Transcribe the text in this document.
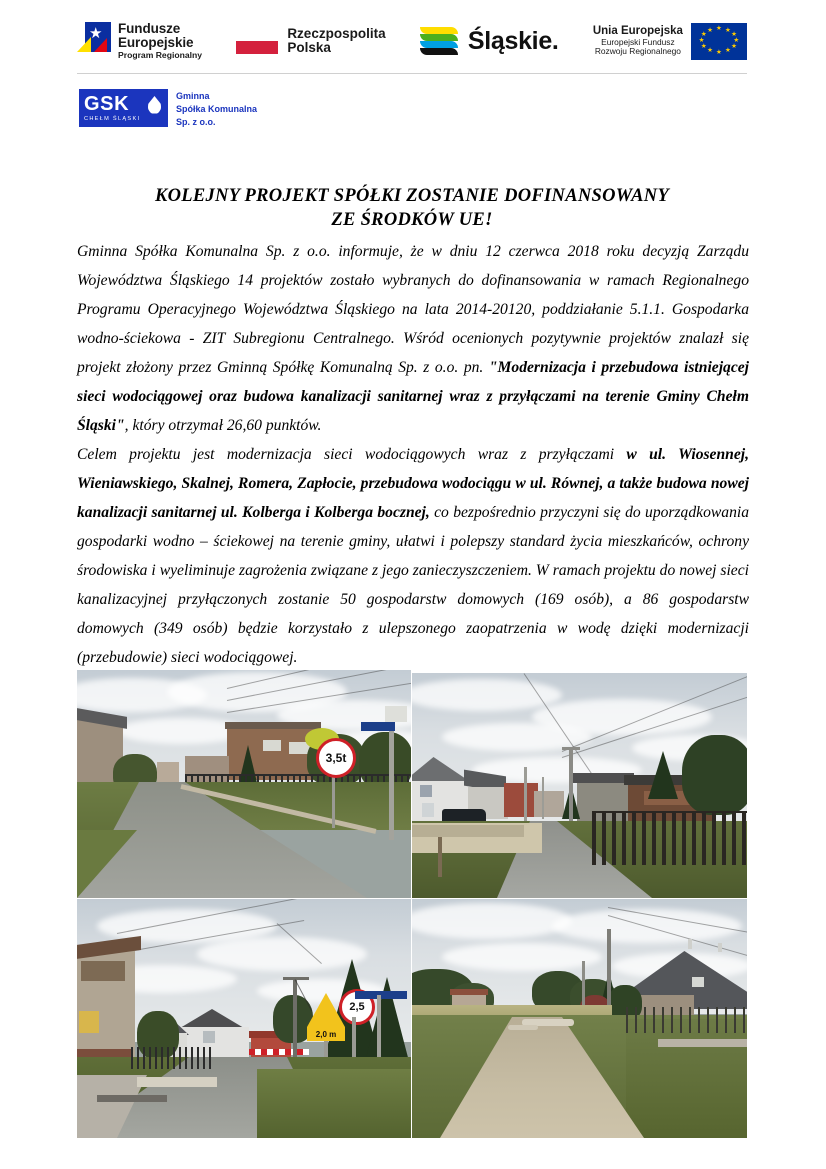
★ Fundusze
Europejskie
Program Regionalny
Rzeczpospolita
Polska	Śląskie.	Unia Europejska
Europejski Fundusz
Rozwoju Regionalnego
★ ★
★
★
★
★
★
★
★
★
★
★
GSK
CHEŁM ŚLĄSKI
Gminna
Spółka Komunalna
Sp. z o.o.
KOLEJNY PROJEKT SPÓŁKI ZOSTANIE DOFINANSOWANY
ZE ŚRODKÓW UE!

Gminna Spółka Komunalna Sp. z o.o. informuje, że w dniu 12 czerwca 2018 roku decyzją Zarządu Województwa Śląskiego 14 projektów zostało wybranych do dofinansowania w ramach Regionalnego Programu Operacyjnego Województwa Śląskiego na lata 2014-20120, poddziałanie 5.1.1. Gospodarka wodno-ściekowa - ZIT Subregionu Centralnego. Wśród ocenionych pozytywnie projektów znalazł się projekt złożony przez Gminną Spółkę Komunalną Sp. z o.o. pn. "Modernizacja i przebudowa istniejącej sieci wodociągowej oraz budowa kanalizacji sanitarnej wraz z przyłączami na terenie Gminy Chełm Śląski", który otrzymał 26,60 punktów.

Celem projektu jest modernizacja sieci wodociągowych wraz z przyłączami w ul. Wiosennej, Wieniawskiego, Skalnej, Romera, Zapłocie, przebudowa wodociągu w ul. Równej, a także budowa nowej kanalizacji sanitarnej ul. Kolberga i Kolberga bocznej, co bezpośrednio przyczyni się do uporządkowania gospodarki wodno – ściekowej na terenie gminy, ułatwi i polepszy standard życia mieszkańców, ochrony środowiska i wyeliminuje zagrożenia związane z jego zanieczyszczeniem. W ramach projektu do nowej sieci kanalizacyjnej przyłączonych zostanie 50 gospodarstw domowych (169 osób), a 86 gospodarstw domowych (349 osób) będzie korzystało z ulepszonego zaopatrzenia w wodę dzięki modernizacji (przebudowie) sieci wodociągowej.

3,5t
2,0 m
2,5
